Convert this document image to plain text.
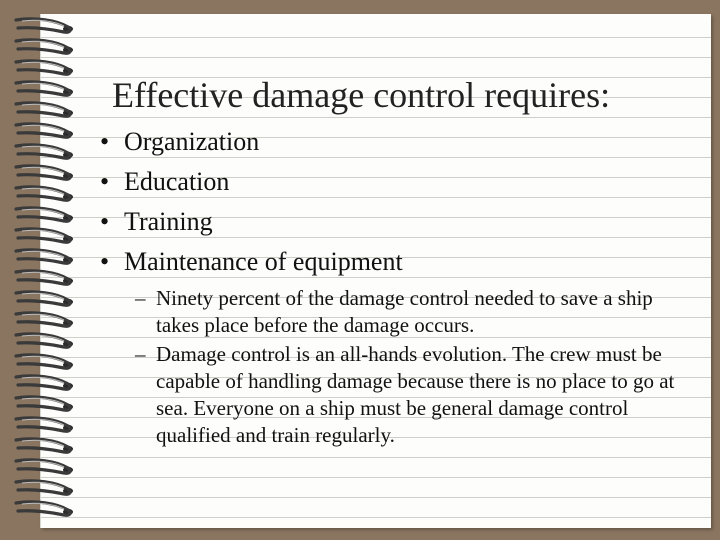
Effective damage control requires:
• Organization
• Education
• Training
• Maintenance of equipment
– Ninety percent of the damage control needed to save a ship takes place before the damage occurs.
– Damage control is an all-hands evolution. The crew must be capable of handling damage because there is no place to go at sea. Everyone on a ship must be general damage control qualified and train regularly.
